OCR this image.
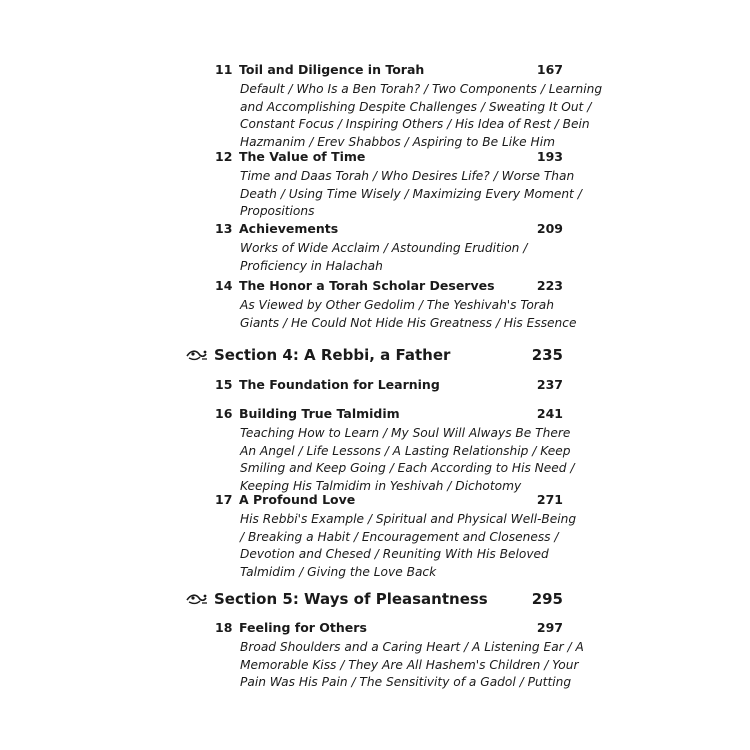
11 Toil and Diligence in Torah	167
Default / Who Is a Ben Torah? / Two Components / Learning
and Accomplishing Despite Challenges / Sweating It Out /
Constant Focus / Inspiring Others / His Idea of Rest / Bein
Hazmanim / Erev Shabbos / Aspiring to Be Like Him
12 The Value of Time	193
Time and Daas Torah / Who Desires Life? / Worse Than
Death / Using Time Wisely / Maximizing Every Moment /
Propositions
13 Achievements	209
Works of Wide Acclaim / Astounding Erudition /
Proficiency in Halachah
14 The Honor a Torah Scholar Deserves	223
As Viewed by Other Gedolim / The Yeshivah's Torah
Giants / He Could Not Hide His Greatness / His Essence
Section 4: A Rebbi, a Father	235
15 The Foundation for Learning	237
16 Building True Talmidim	241
Teaching How to Learn / My Soul Will Always Be There
An Angel / Life Lessons / A Lasting Relationship / Keep
Smiling and Keep Going / Each According to His Need /
Keeping His Talmidim in Yeshivah / Dichotomy
17 A Profound Love	271
His Rebbi's Example / Spiritual and Physical Well-Being
/ Breaking a Habit / Encouragement and Closeness /
Devotion and Chesed / Reuniting With His Beloved
Talmidim / Giving the Love Back
Section 5: Ways of Pleasantness	295
18 Feeling for Others	297
Broad Shoulders and a Caring Heart / A Listening Ear / A
Memorable Kiss / They Are All Hashem's Children / Your
Pain Was His Pain / The Sensitivity of a Gadol / Putting
